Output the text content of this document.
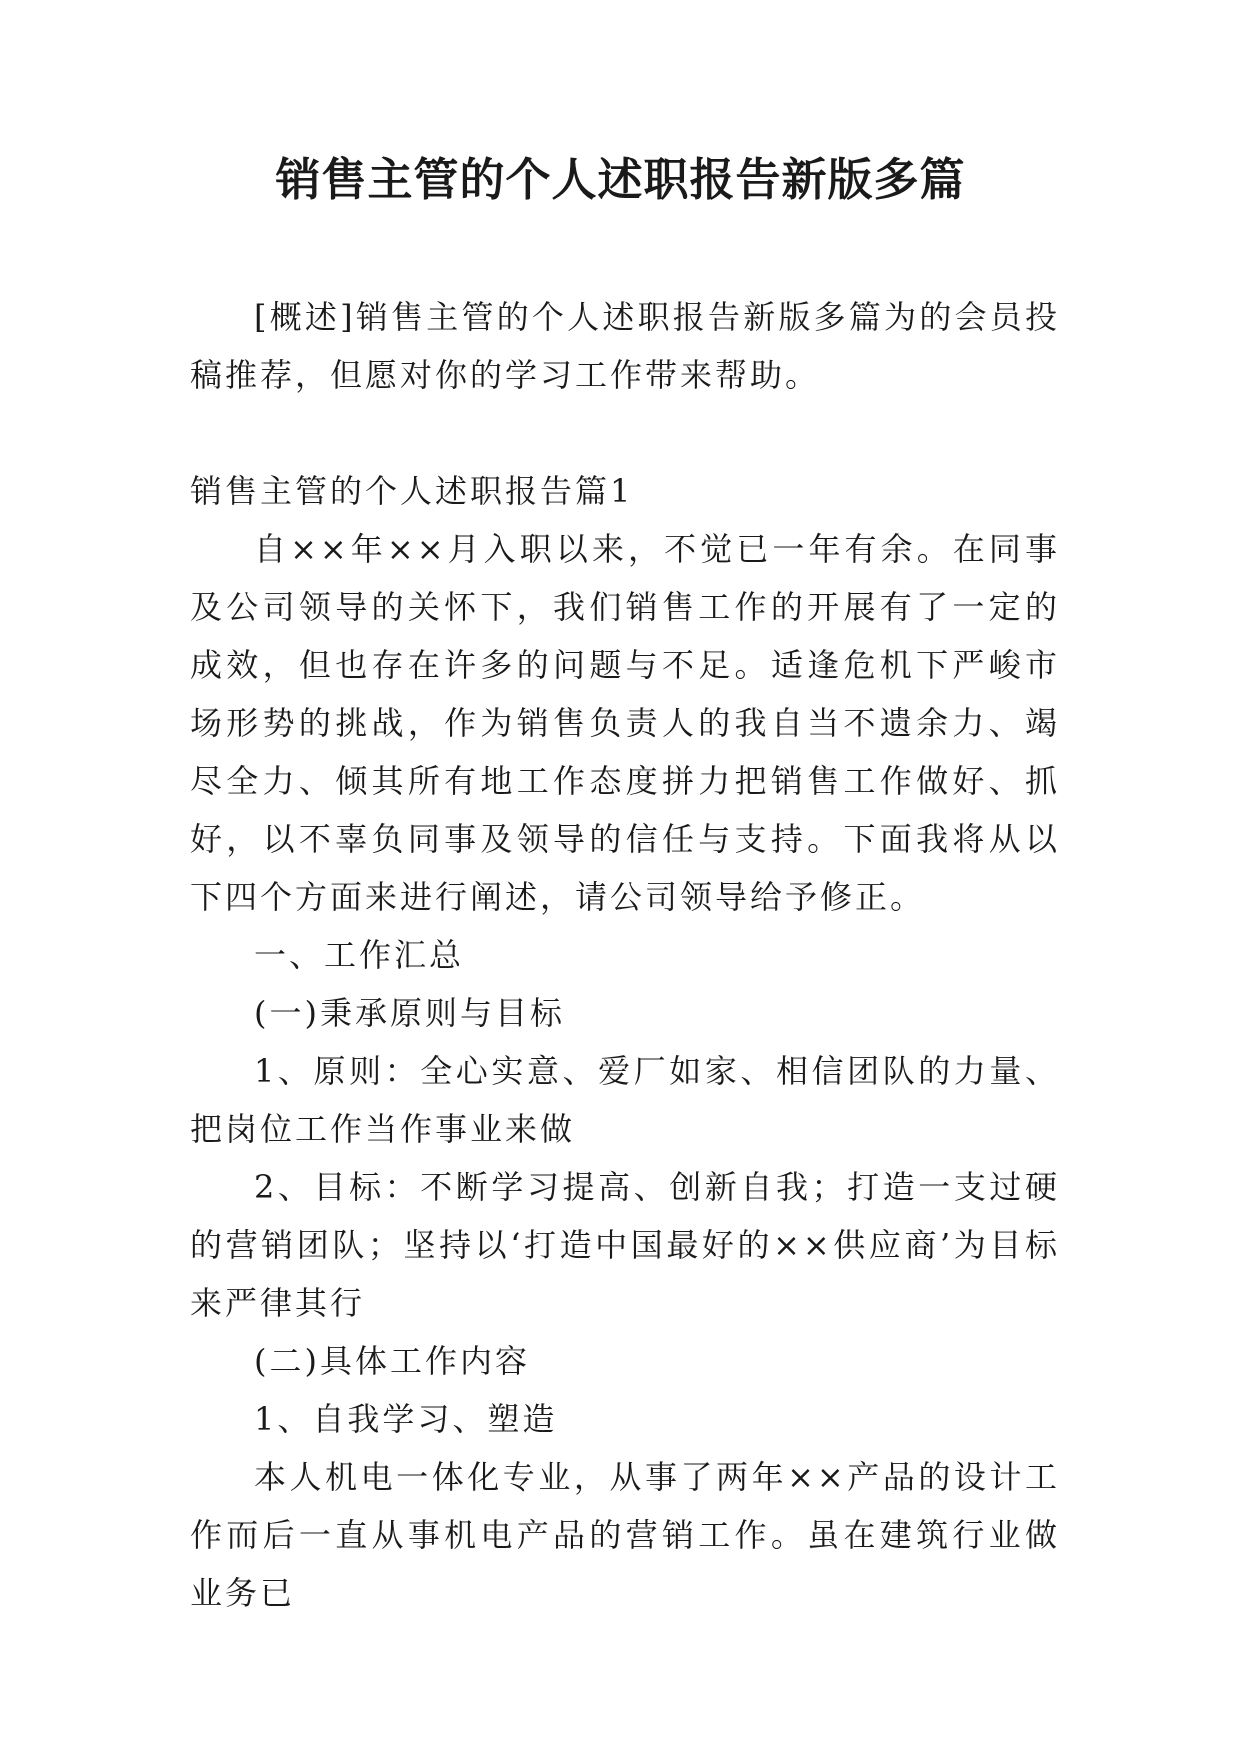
销售主管的个人述职报告新版多篇

[概述]销售主管的个人述职报告新版多篇为的会员投稿推荐，但愿对你的学习工作带来帮助。

销售主管的个人述职报告篇1

自××年××月入职以来，不觉已一年有余。在同事及公司领导的关怀下，我们销售工作的开展有了一定的成效，但也存在许多的问题与不足。适逢危机下严峻市场形势的挑战，作为销售负责人的我自当不遗余力、竭尽全力、倾其所有地工作态度拼力把销售工作做好、抓好，以不辜负同事及领导的信任与支持。下面我将从以下四个方面来进行阐述，请公司领导给予修正。

一、工作汇总

(一)秉承原则与目标

1、原则：全心实意、爱厂如家、相信团队的力量、把岗位工作当作事业来做

2、目标：不断学习提高、创新自我；打造一支过硬的营销团队；坚持以‘打造中国最好的××供应商’为目标来严律其行

(二)具体工作内容

1、自我学习、塑造

本人机电一体化专业，从事了两年××产品的设计工作而后一直从事机电产品的营销工作。虽在建筑行业做业务已
